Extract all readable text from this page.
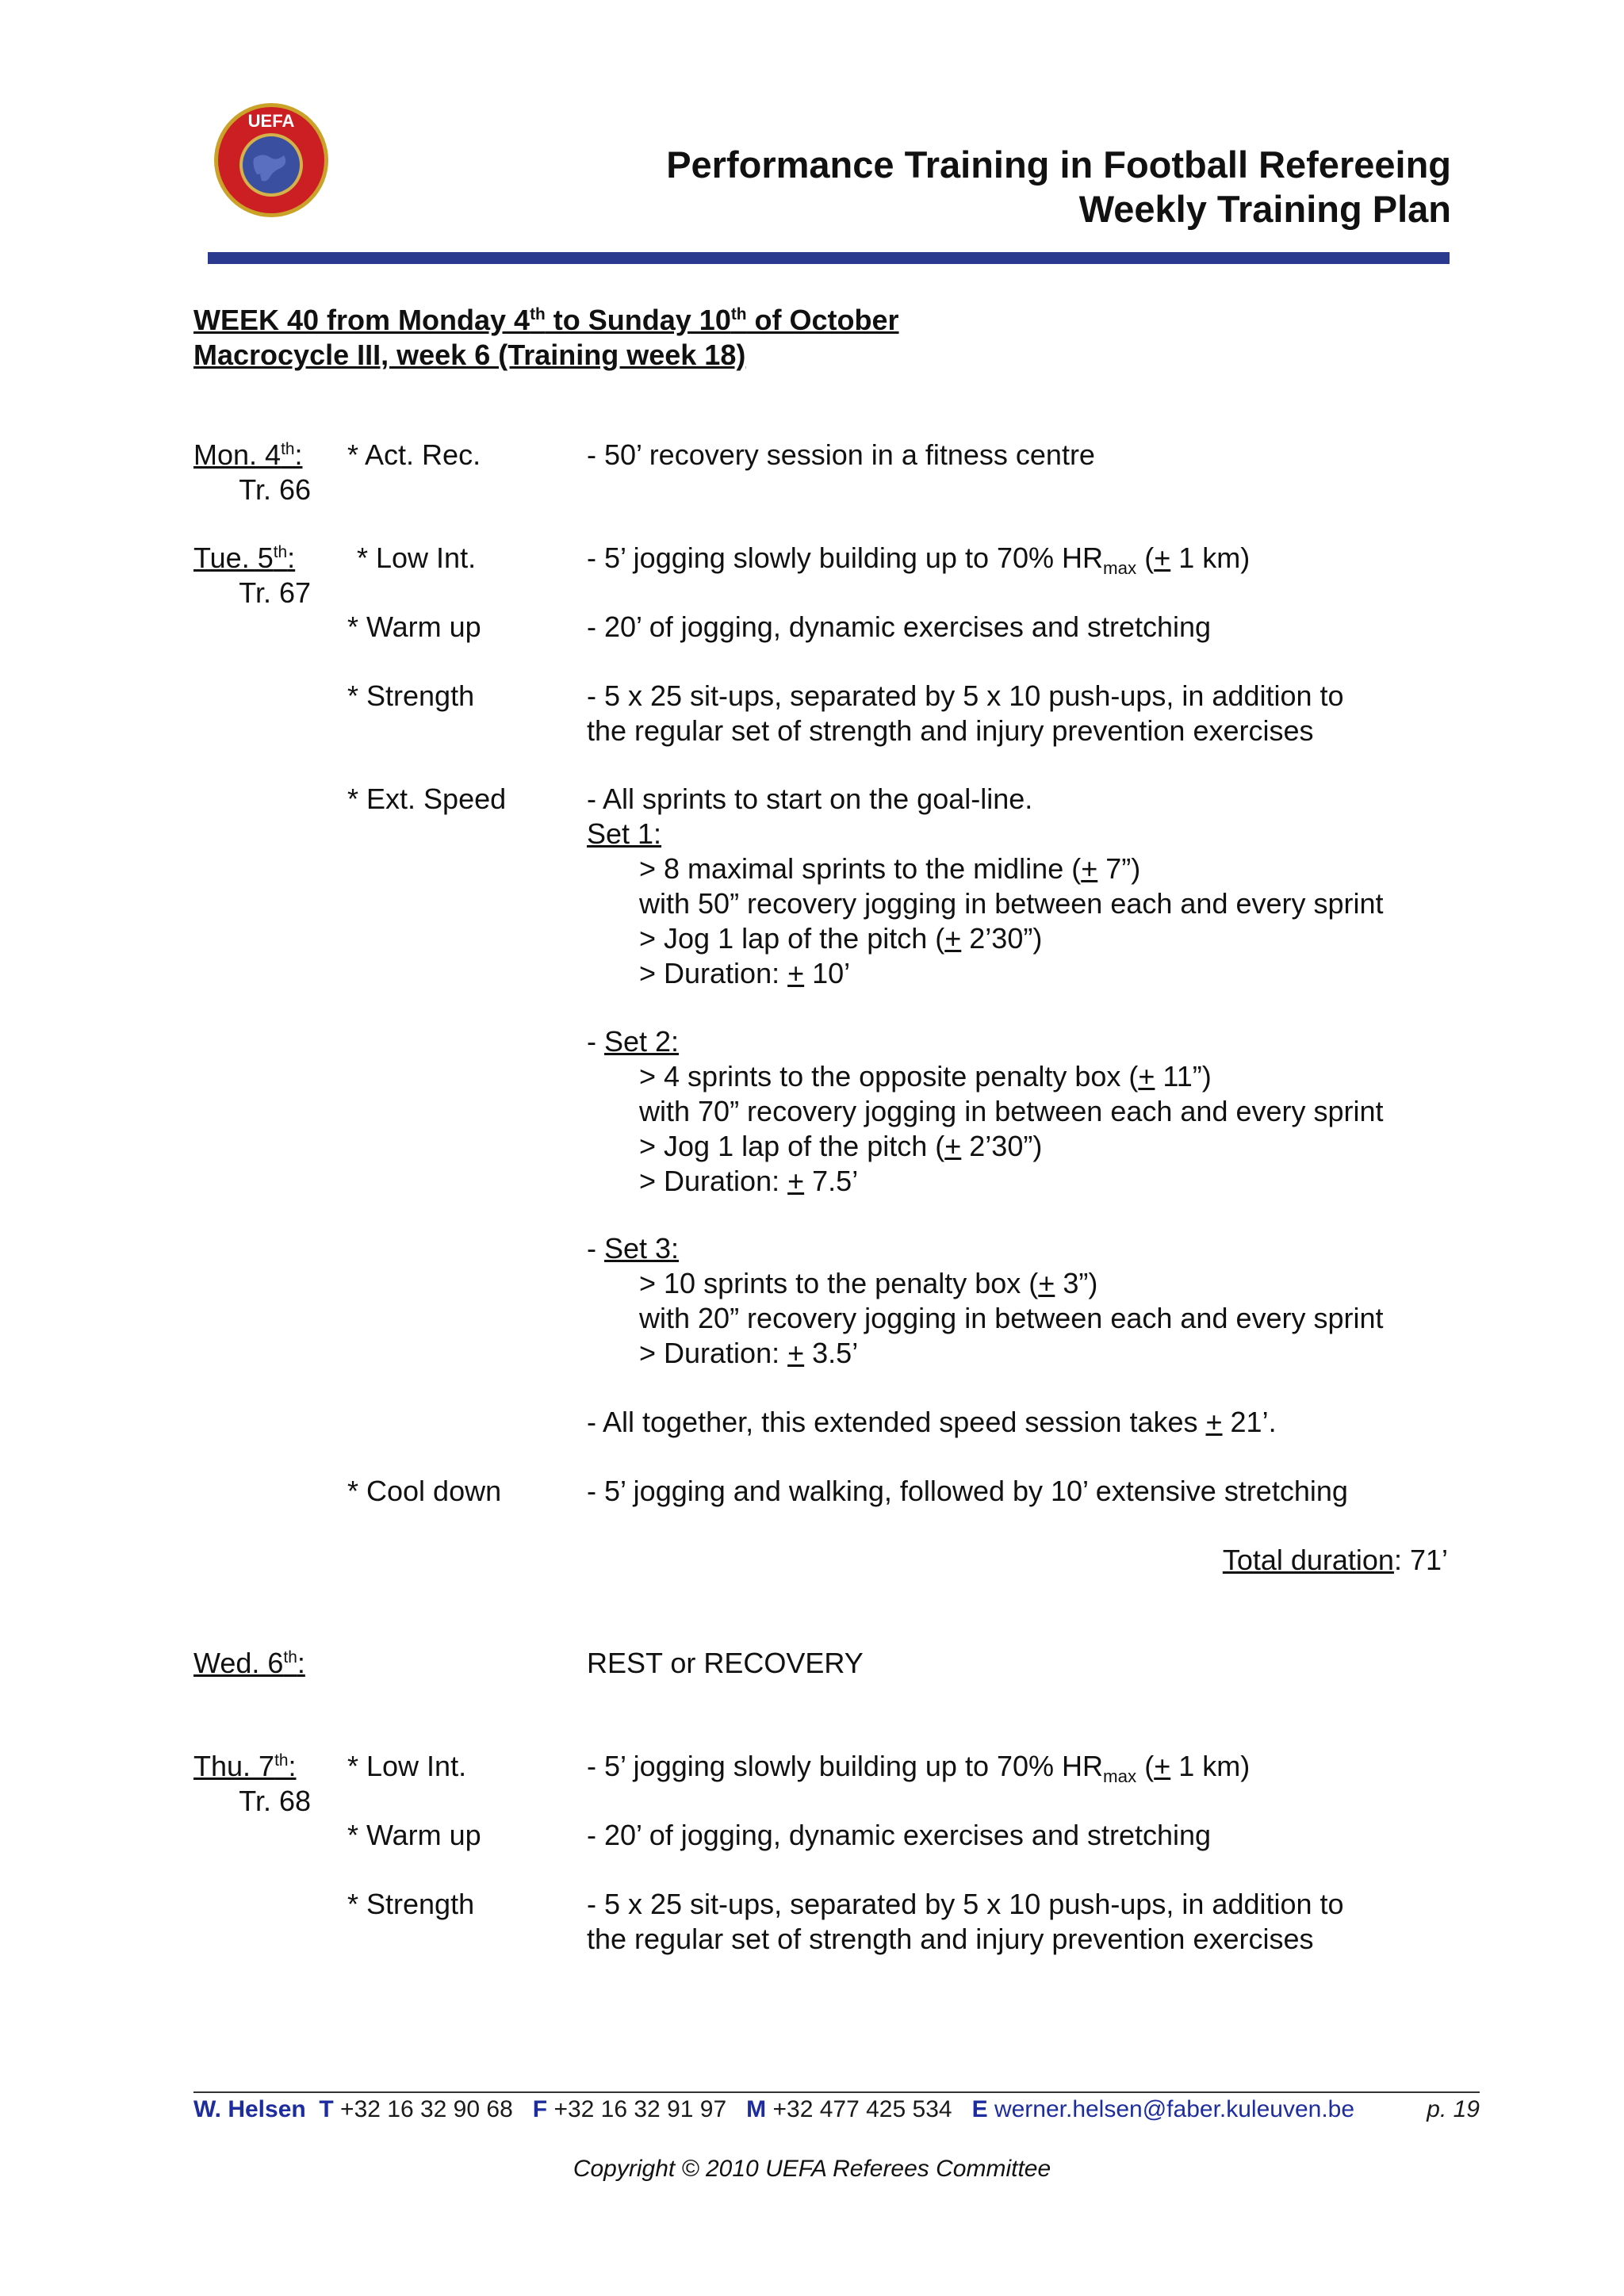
UEFA
Performance Training in Football Refereeing
Weekly Training Plan
WEEK 40 from Monday 4th to Sunday 10th of October
Macrocycle III, week 6 (Training week 18)
Mon. 4th:
Tr. 66
* Act. Rec.	- 50’ recovery session in a fitness centre
Tue. 5th:
Tr. 67
* Low Int.	- 5’ jogging slowly building up to 70% $HR_{max}$ (+ 1 km)
* Warm up	- 20’ of jogging, dynamic exercises and stretching
* Strength	- 5 x 25 sit-ups, separated by 5 x 10 push-ups, in addition to
the regular set of strength and injury prevention exercises
* Ext. Speed	- All sprints to start on the goal-line.
Set 1:
> 8 maximal sprints to the midline (+ 7”)
with 50” recovery jogging in between each and every sprint
> Jog 1 lap of the pitch (+ 2’30”)
> Duration: + 10’
- Set 2:
> 4 sprints to the opposite penalty box (+ 11”)
with 70” recovery jogging in between each and every sprint
> Jog 1 lap of the pitch (+ 2’30”)
> Duration: + 7.5’
- Set 3:
> 10 sprints to the penalty box (+ 3”)
with 20” recovery jogging in between each and every sprint
> Duration: + 3.5’
- All together, this extended speed session takes + 21’.
* Cool down	- 5’ jogging and walking, followed by 10’ extensive stretching
Total duration: 71’
Wed. 6th:	REST or RECOVERY
Thu. 7th:
Tr. 68
* Low Int.	- 5’ jogging slowly building up to 70% $HR_{max}$ (+ 1 km)
* Warm up	- 20’ of jogging, dynamic exercises and stretching
* Strength	- 5 x 25 sit-ups, separated by 5 x 10 push-ups, in addition to
the regular set of strength and injury prevention exercises
W. Helsen T +32 16 32 90 68 F +32 16 32 91 97 M +32 477 425 534 E werner.helsen@faber.kuleuven.be	p. 19
Copyright © 2010 UEFA Referees Committee
